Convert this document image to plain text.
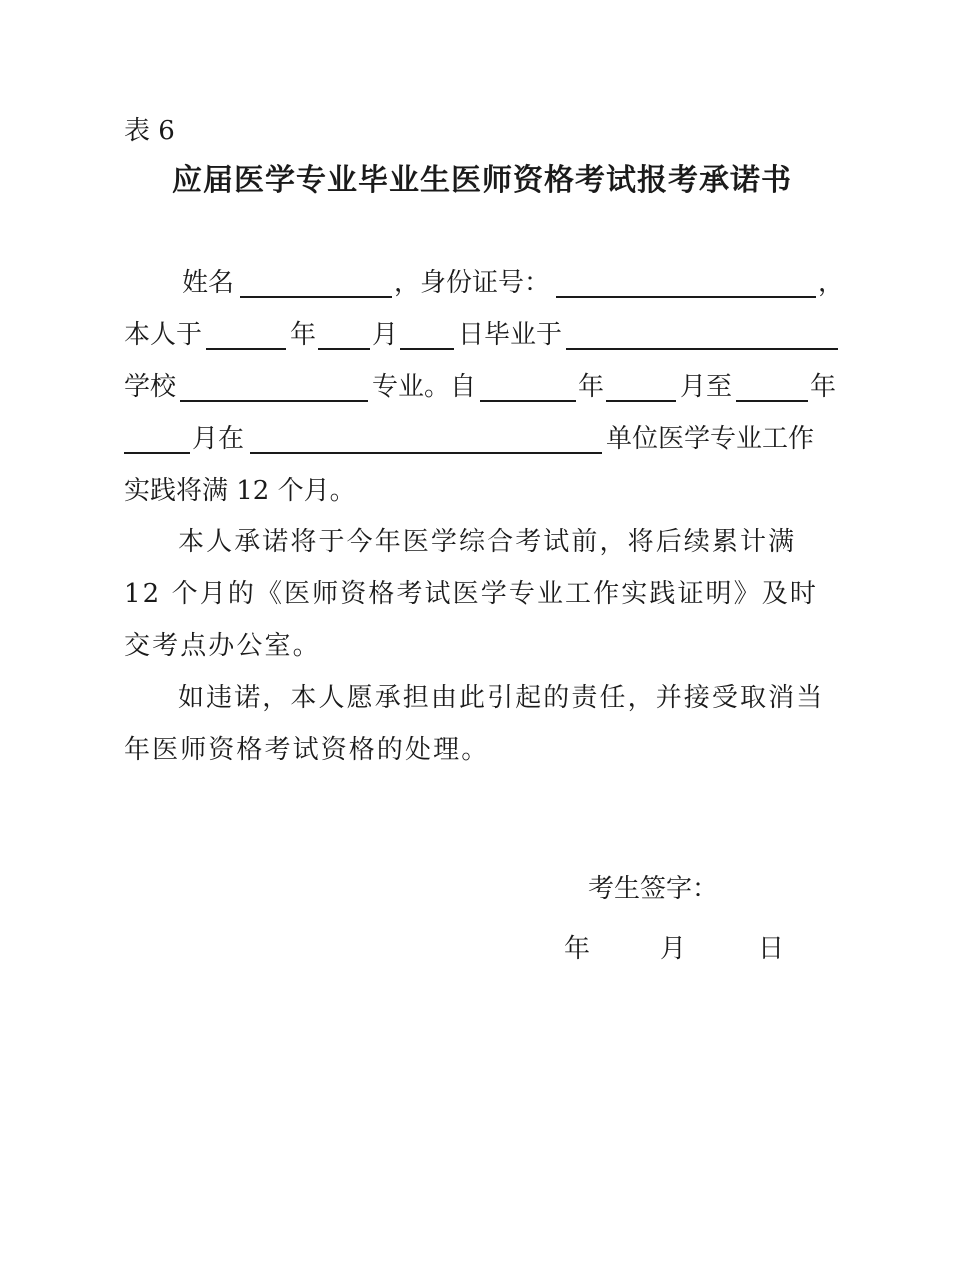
表 6
应届医学专业毕业生医师资格考试报考承诺书
姓名	，身份证号：	，
本人于	年 月 日毕业于
学校	专业。自	年	月至	年
月在	单位医学专业工作
实践将满 12 个月。

本人承诺将于今年医学综合考试前，将后续累计满 12 个月的《医师资格考试医学专业工作实践证明》及时交考点办公室。

如违诺，本人愿承担由此引起的责任，并接受取消当年医师资格考试资格的处理。

考生签字：
年	月	日
